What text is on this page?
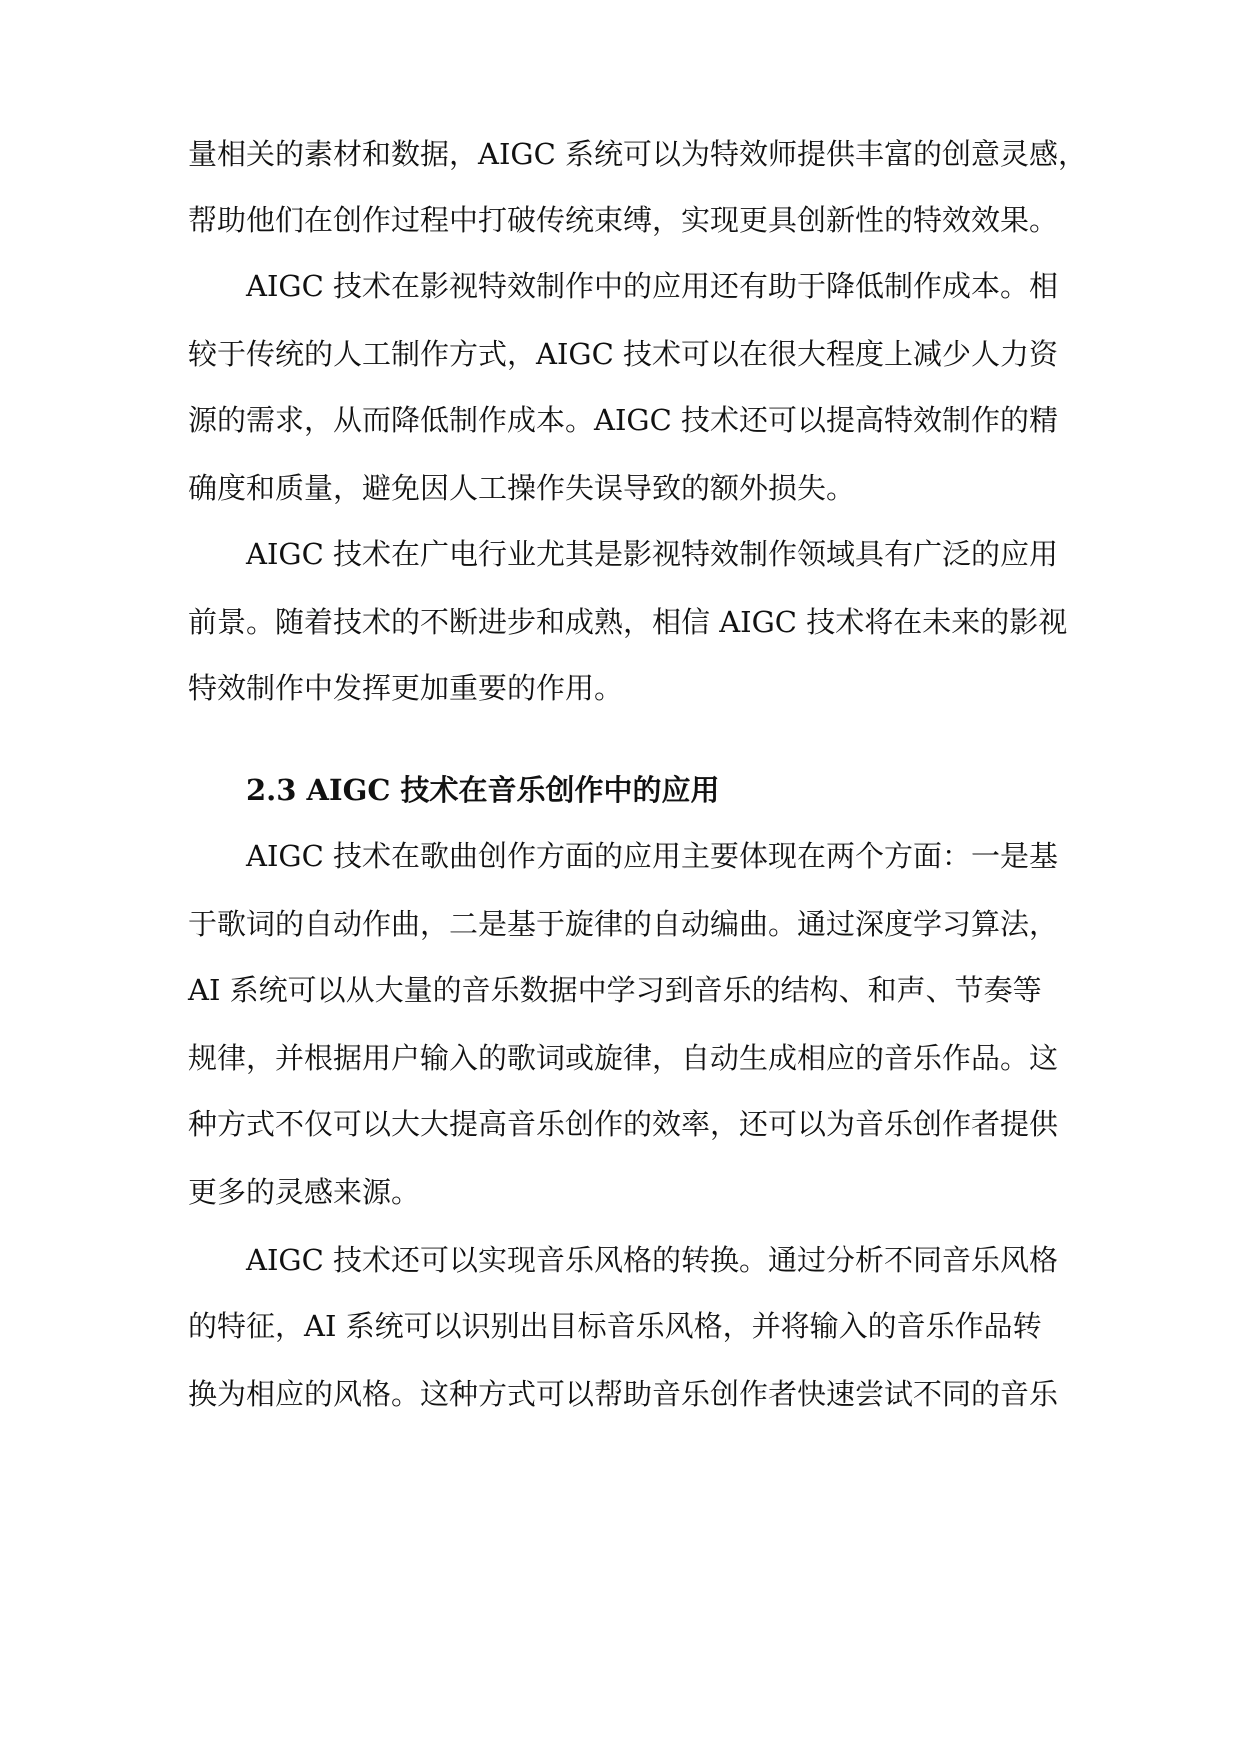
量相关的素材和数据，AIGC 系统可以为特效师提供丰富的创意灵感，
帮助他们在创作过程中打破传统束缚，实现更具创新性的特效效果。
AIGC 技术在影视特效制作中的应用还有助于降低制作成本。相
较于传统的人工制作方式，AIGC 技术可以在很大程度上减少人力资
源的需求，从而降低制作成本。AIGC 技术还可以提高特效制作的精
确度和质量，避免因人工操作失误导致的额外损失。
AIGC 技术在广电行业尤其是影视特效制作领域具有广泛的应用
前景。随着技术的不断进步和成熟，相信 AIGC 技术将在未来的影视
特效制作中发挥更加重要的作用。
2.3 AIGC 技术在音乐创作中的应用
AIGC 技术在歌曲创作方面的应用主要体现在两个方面：一是基
于歌词的自动作曲，二是基于旋律的自动编曲。通过深度学习算法，
AI 系统可以从大量的音乐数据中学习到音乐的结构、和声、节奏等
规律，并根据用户输入的歌词或旋律，自动生成相应的音乐作品。这
种方式不仅可以大大提高音乐创作的效率，还可以为音乐创作者提供
更多的灵感来源。
AIGC 技术还可以实现音乐风格的转换。通过分析不同音乐风格
的特征，AI 系统可以识别出目标音乐风格，并将输入的音乐作品转
换为相应的风格。这种方式可以帮助音乐创作者快速尝试不同的音乐
